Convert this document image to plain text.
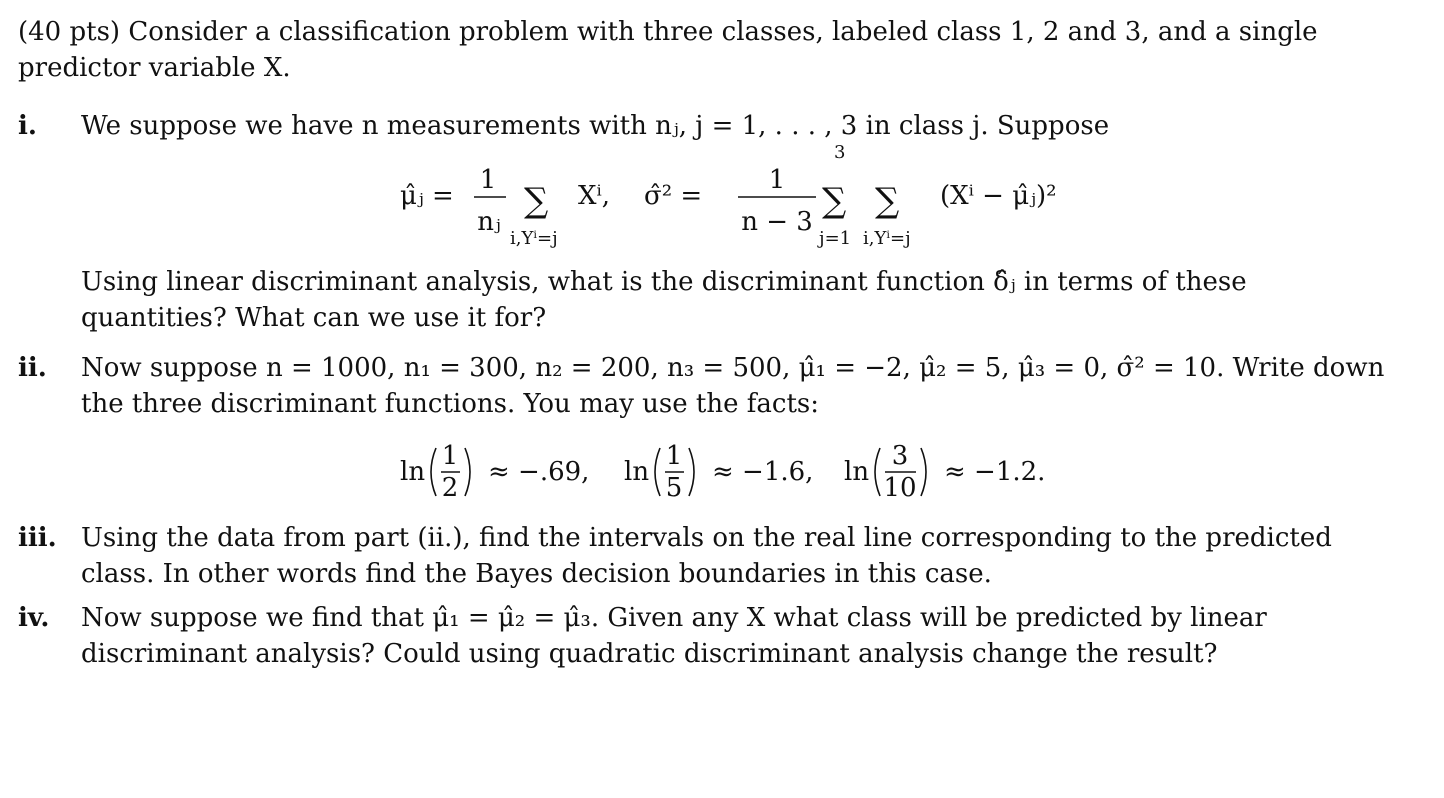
(40 pts) Consider a classification problem with three classes, labeled class 1, 2 and 3, and a single predictor variable X.

i. We suppose we have n measurements with nⱼ, j = 1, . . . , 3 in class j. Suppose
μ̂ⱼ =
1
nⱼ
∑
i,Yⁱ=j
Xⁱ, σ̂² =
1
n − 3
3
∑
j=1
∑
i,Yⁱ=j
(Xⁱ − μ̂ⱼ)²

Using linear discriminant analysis, what is the discriminant function δ̂ⱼ in terms of these quantities? What can we use it for?

ii. Now suppose n = 1000, n₁ = 300, n₂ = 200, n₃ = 500, μ̂₁ = −2, μ̂₂ = 5, μ̂₃ = 0, σ̂² = 10. Write down the three discriminant functions. You may use the facts:
ln
1
2
≈ −.69, ln
1
5
≈ −1.6, ln
3
10
≈ −1.2.
iii. Using the data from part (ii.), find the intervals on the real line corresponding to the predicted class. In other words find the Bayes decision boundaries in this case.
iv. Now suppose we find that μ̂₁ = μ̂₂ = μ̂₃. Given any X what class will be predicted by linear discriminant analysis? Could using quadratic discriminant analysis change the result?
